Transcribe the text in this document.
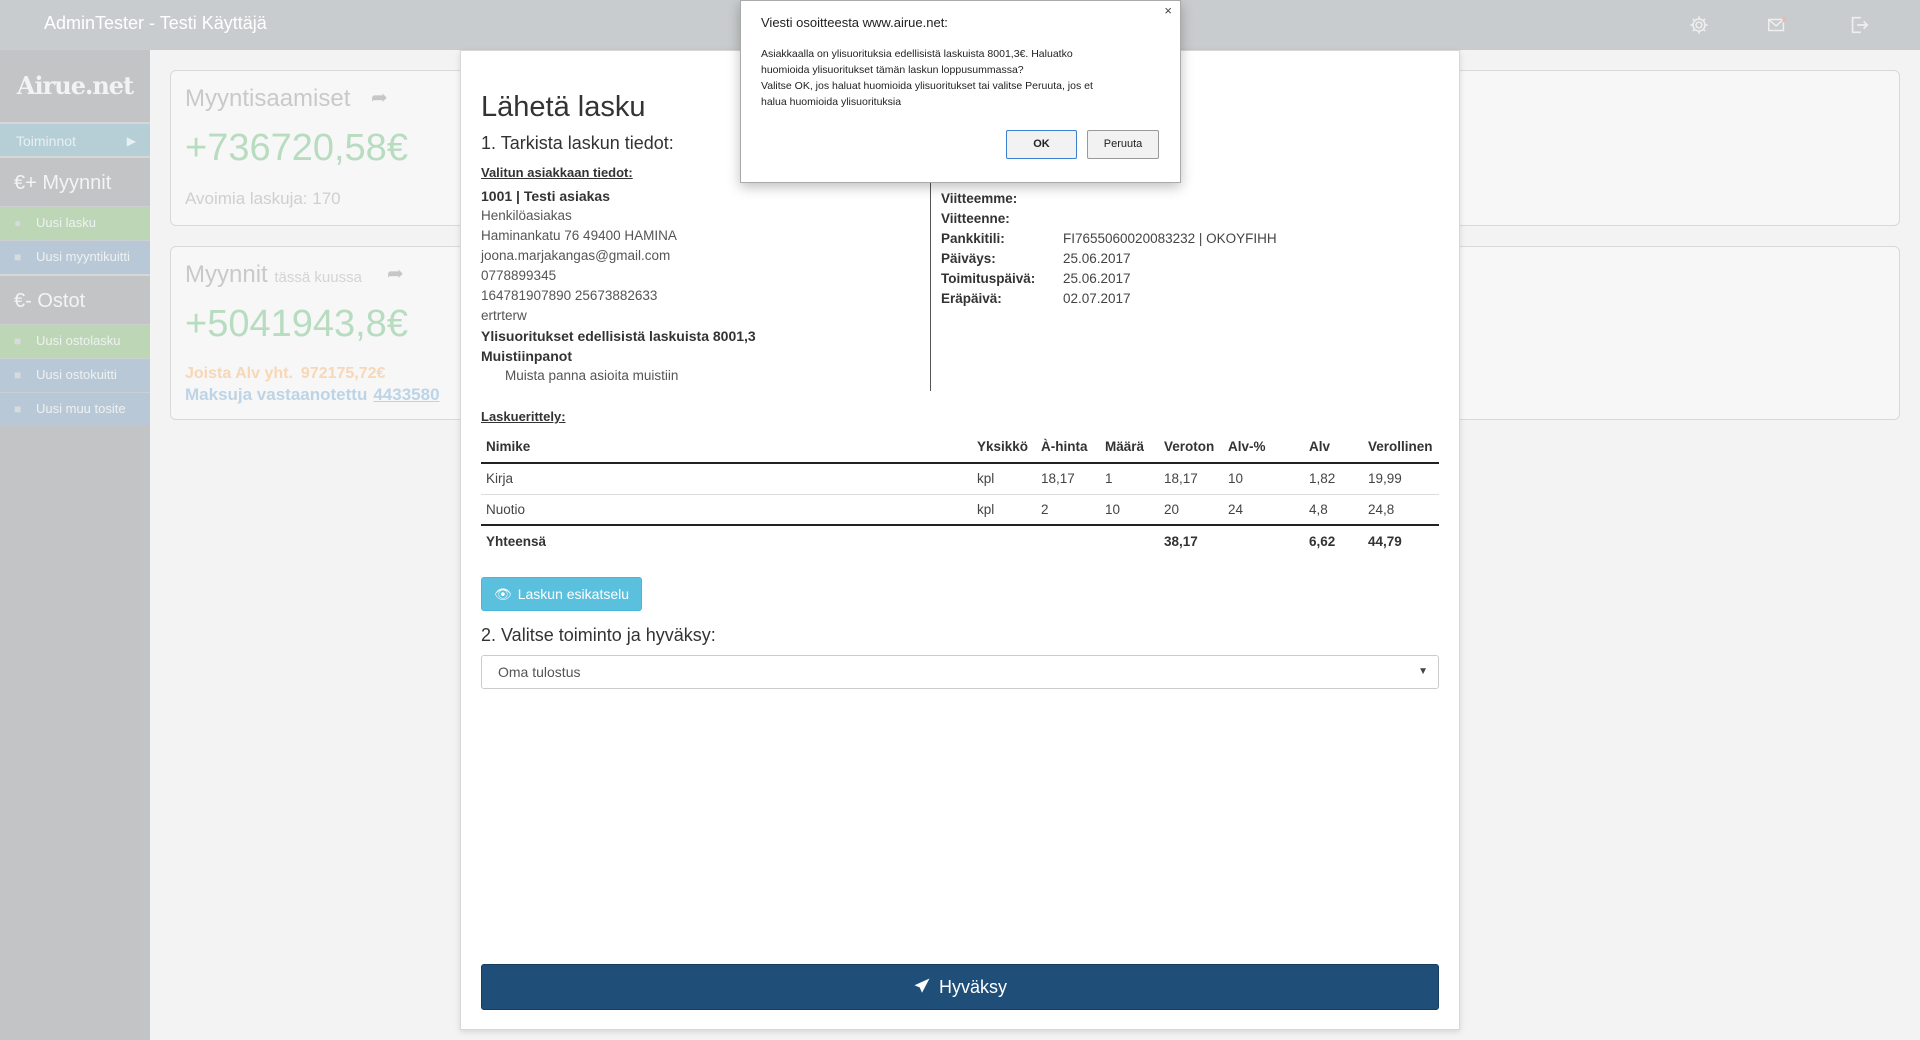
AdminTester - Testi Käyttäjä
Airue.net
Toiminnot	▶
€+ Myynnit
● Uusi lasku
■ Uusi myyntikuitti
€- Ostot
■ Uusi ostolasku
■ Uusi ostokuitti
■ Uusi muu tosite
Myyntisaamiset ➦
+736720,58€
Avoimia laskuja: 170
Myynnit tässä kuussa ➦
+5041943,8€
Joista Alv yht. 972175,72€
Maksuja vastaanotettu 4433580
Lähetä lasku
1. Tarkista laskun tiedot:
Valitun asiakkaan tiedot:
1001 | Testi asiakas
Henkilöasiakas
Haminankatu 76 49400 HAMINA
joona.marjakangas@gmail.com
0778899345
164781907890 25673882633
ertrterw
Ylisuoritukset edellisistä laskuista 8001,3
Muistiinpanot
Muista panna asioita muistiin
Viitteemme:
Viitteenne:
Pankkitili:	FI7655060020083232 | OKOYFIHH
Päiväys:	25.06.2017
Toimituspäivä: 25.06.2017
Eräpäivä:	02.07.2017
Laskuerittely:
Nimike	Yksikkö	À-hinta	Määrä	Veroton	Alv-%	Alv	Verollinen
Kirja	kpl	18,17	1	18,17	10	1,82	19,99
Nuotio	kpl	2	10	20	24	4,8	24,8
Yhteensä				38,17		6,62	44,79
👁 Laskun esikatselu
2. Valitse toiminto ja hyväksy:
Oma tulostus	▼
Hyväksy
Viesti osoitteesta www.airue.net:
×
Asiakkaalla on ylisuorituksia edellisistä laskuista 8001,3€. Haluatko
huomioida ylisuoritukset tämän laskun loppusummassa?
Valitse OK, jos haluat huomioida ylisuoritukset tai valitse Peruuta, jos et
halua huomioida ylisuorituksia
OK	Peruuta
